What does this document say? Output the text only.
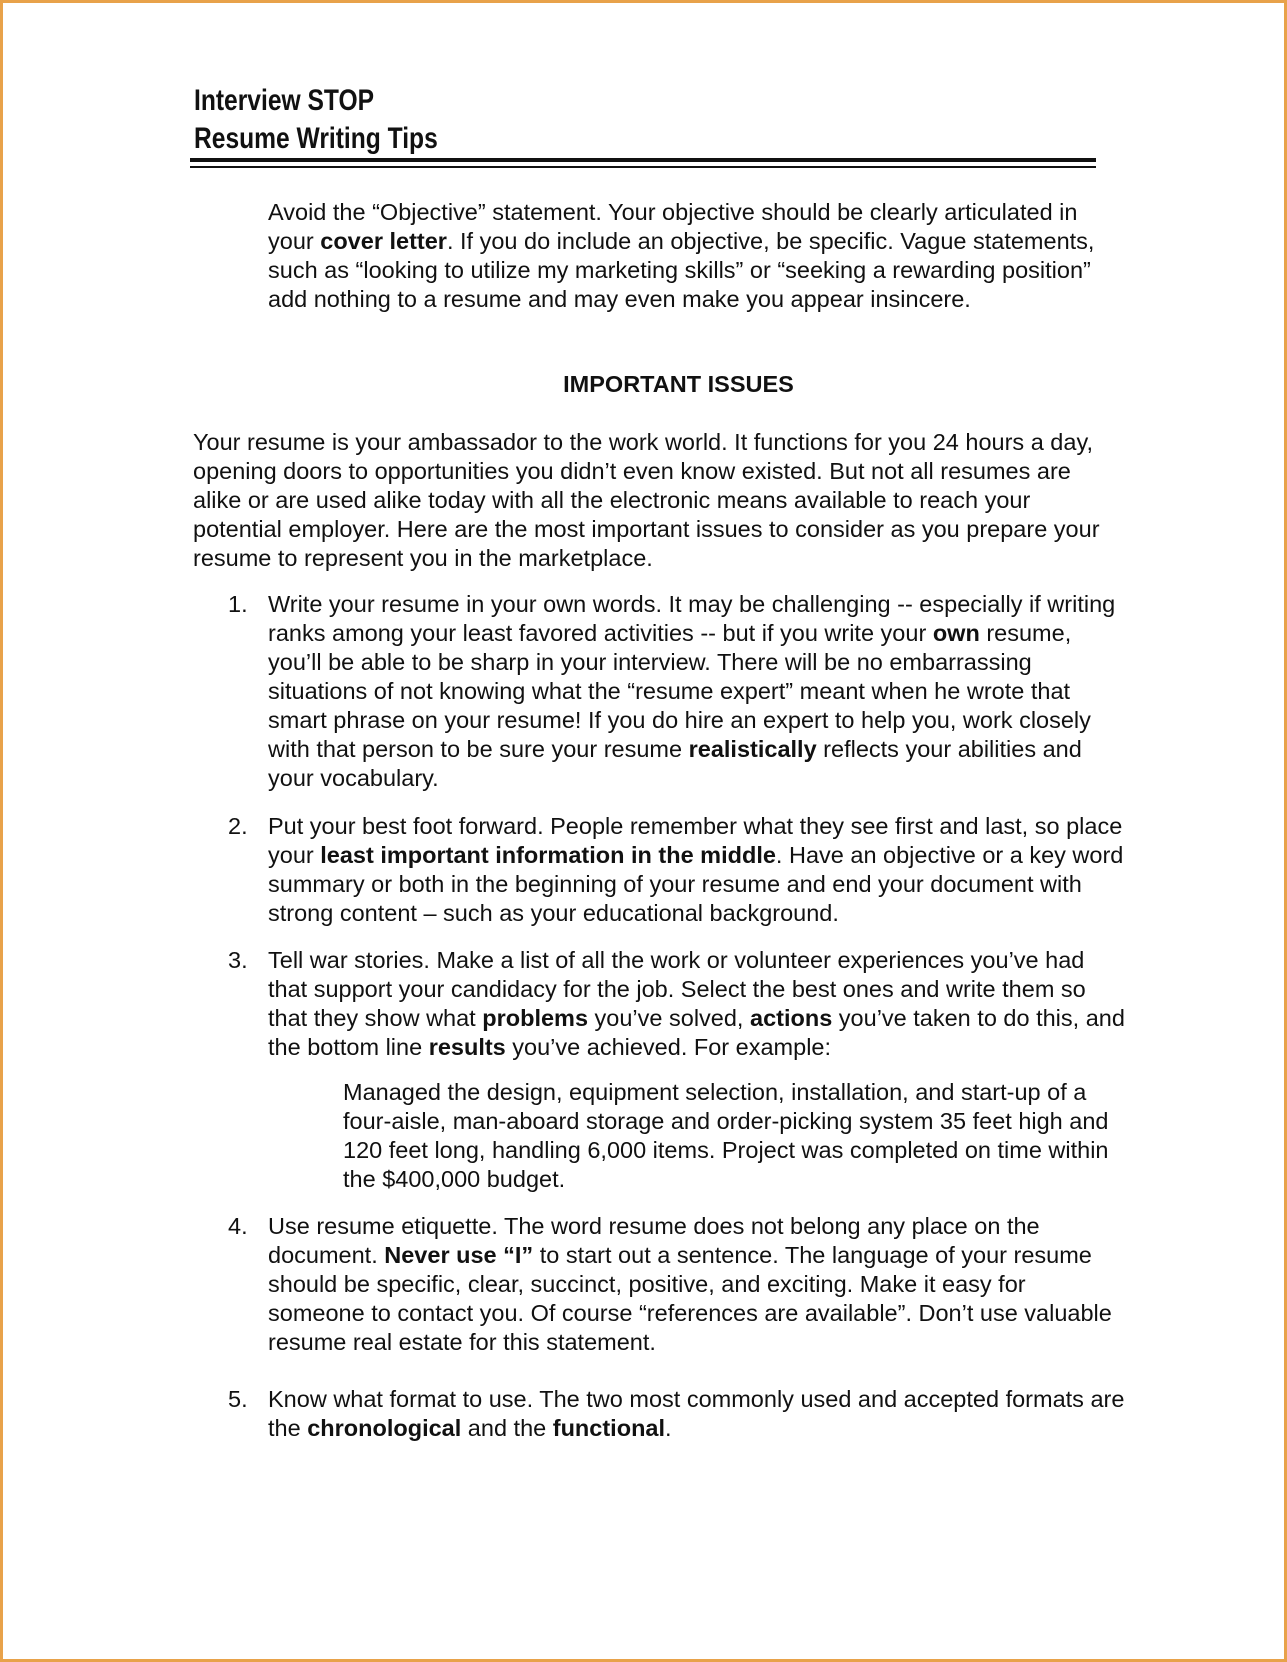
Interview STOP
Resume Writing Tips
Avoid the “Objective” statement. Your objective should be clearly articulated in your cover letter. If you do include an objective, be specific. Vague statements, such as “looking to utilize my marketing skills” or “seeking a rewarding position” add nothing to a resume and may even make you appear insincere.
IMPORTANT ISSUES
Your resume is your ambassador to the work world. It functions for you 24 hours a day, opening doors to opportunities you didn’t even know existed. But not all resumes are alike or are used alike today with all the electronic means available to reach your potential employer. Here are the most important issues to consider as you prepare your resume to represent you in the marketplace.
1. Write your resume in your own words. It may be challenging -- especially if writing ranks among your least favored activities -- but if you write your own resume, you’ll be able to be sharp in your interview. There will be no embarrassing situations of not knowing what the “resume expert” meant when he wrote that smart phrase on your resume! If you do hire an expert to help you, work closely with that person to be sure your resume realistically reflects your abilities and your vocabulary.
2. Put your best foot forward. People remember what they see first and last, so place your least important information in the middle. Have an objective or a key word summary or both in the beginning of your resume and end your document with strong content – such as your educational background.
3. Tell war stories. Make a list of all the work or volunteer experiences you’ve had that support your candidacy for the job. Select the best ones and write them so that they show what problems you’ve solved, actions you’ve taken to do this, and the bottom line results you’ve achieved. For example:
Managed the design, equipment selection, installation, and start-up of a four-aisle, man-aboard storage and order-picking system 35 feet high and 120 feet long, handling 6,000 items. Project was completed on time within the $400,000 budget.
4. Use resume etiquette. The word resume does not belong any place on the document. Never use “I” to start out a sentence. The language of your resume should be specific, clear, succinct, positive, and exciting. Make it easy for someone to contact you. Of course “references are available”. Don’t use valuable resume real estate for this statement.
5. Know what format to use. The two most commonly used and accepted formats are the chronological and the functional.
